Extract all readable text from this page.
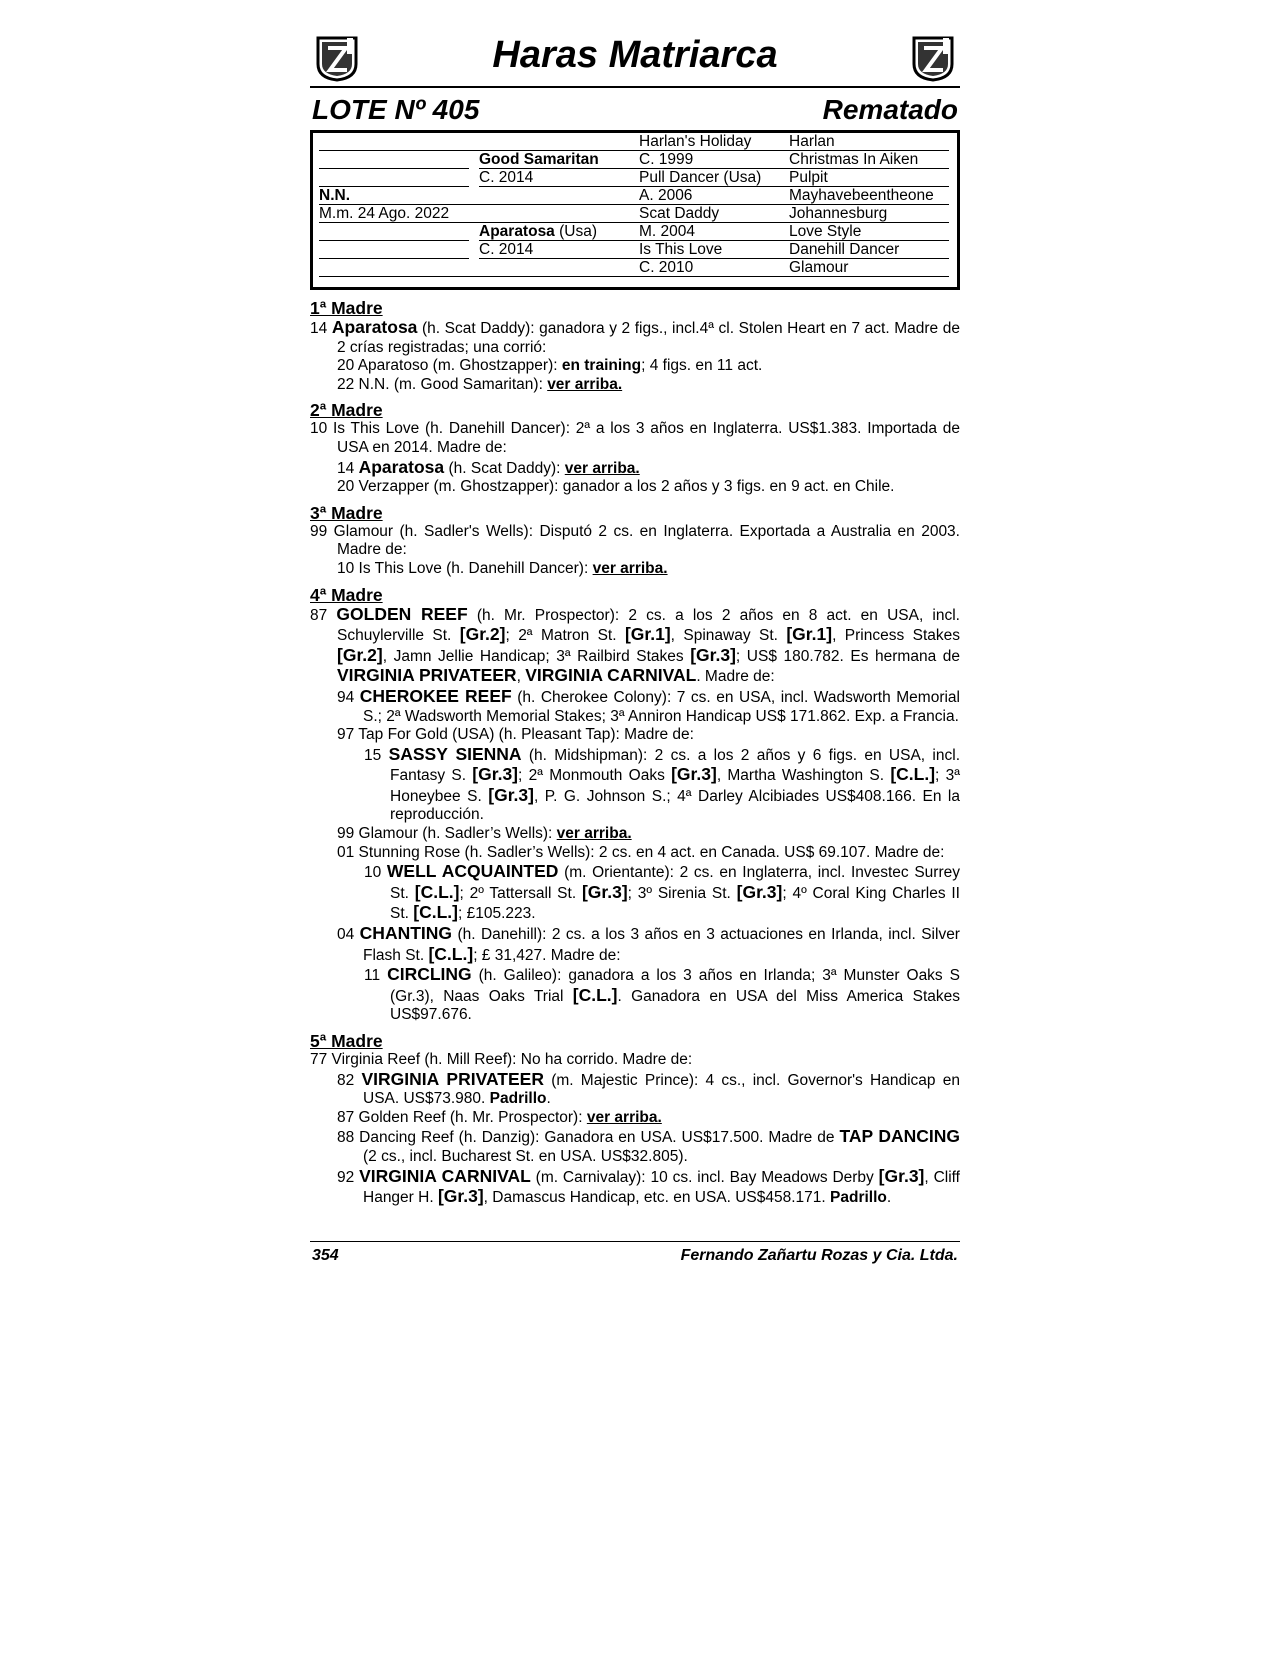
Haras Matriarca
LOTE Nº 405	Rematado
N.N.
M.m. 24 Ago. 2022
Good Samaritan
C. 2014
Aparatosa (Usa)
C. 2014
Harlan's Holiday
C. 1999
Pull Dancer (Usa)
A. 2006
Scat Daddy
M. 2004
Is This Love
C. 2010
Harlan
Christmas In Aiken
Pulpit
Mayhavebeentheone
Johannesburg
Love Style
Danehill Dancer
Glamour
1ª Madre
14 Aparatosa (h. Scat Daddy): ganadora y 2 figs., incl.4ª cl. Stolen Heart en 7 act. Madre de 2 crías registradas; una corrió:
20 Aparatoso (m. Ghostzapper): en training; 4 figs. en 11 act.
22 N.N. (m. Good Samaritan): ver arriba.
2ª Madre
10 Is This Love (h. Danehill Dancer): 2ª a los 3 años en Inglaterra. US$1.383. Importada de USA en 2014. Madre de:
14 Aparatosa (h. Scat Daddy): ver arriba.
20 Verzapper (m. Ghostzapper): ganador a los 2 años y 3 figs. en 9 act. en Chile.
3ª Madre
99 Glamour (h. Sadler's Wells): Disputó 2 cs. en Inglaterra. Exportada a Australia en 2003. Madre de:
10 Is This Love (h. Danehill Dancer): ver arriba.
4ª Madre
87 GOLDEN REEF (h. Mr. Prospector): 2 cs. a los 2 años en 8 act. en USA, incl. Schuylerville St. [Gr.2]; 2ª Matron St. [Gr.1], Spinaway St. [Gr.1], Princess Stakes [Gr.2], Jamn Jellie Handicap; 3ª Railbird Stakes [Gr.3]; US$ 180.782. Es hermana de VIRGINIA PRIVATEER, VIRGINIA CARNIVAL. Madre de:
94 CHEROKEE REEF (h. Cherokee Colony): 7 cs. en USA, incl. Wadsworth Memorial S.; 2ª Wadsworth Memorial Stakes; 3ª Anniron Handicap US$ 171.862. Exp. a Francia.
97 Tap For Gold (USA) (h. Pleasant Tap): Madre de:
15 SASSY SIENNA (h. Midshipman): 2 cs. a los 2 años y 6 figs. en USA, incl. Fantasy S. [Gr.3]; 2ª Monmouth Oaks [Gr.3], Martha Washington S. [C.L.]; 3ª Honeybee S. [Gr.3], P. G. Johnson S.; 4ª Darley Alcibiades US$408.166. En la reproducción.
99 Glamour (h. Sadler’s Wells): ver arriba.
01 Stunning Rose (h. Sadler’s Wells): 2 cs. en 4 act. en Canada. US$ 69.107. Madre de:
10 WELL ACQUAINTED (m. Orientante): 2 cs. en Inglaterra, incl. Investec Surrey St. [C.L.]; 2º Tattersall St. [Gr.3]; 3º Sirenia St. [Gr.3]; 4º Coral King Charles II St. [C.L.]; £105.223.
04 CHANTING (h. Danehill): 2 cs. a los 3 años en 3 actuaciones en Irlanda, incl. Silver Flash St. [C.L.]; £ 31,427. Madre de:
11 CIRCLING (h. Galileo): ganadora a los 3 años en Irlanda; 3ª Munster Oaks S (Gr.3), Naas Oaks Trial [C.L.]. Ganadora en USA del Miss America Stakes US$97.676.
5ª Madre
77 Virginia Reef (h. Mill Reef): No ha corrido. Madre de:
82 VIRGINIA PRIVATEER (m. Majestic Prince): 4 cs., incl. Governor's Handicap en USA. US$73.980. Padrillo.
87 Golden Reef (h. Mr. Prospector): ver arriba.
88 Dancing Reef (h. Danzig): Ganadora en USA. US$17.500. Madre de TAP DANCING (2 cs., incl. Bucharest St. en USA. US$32.805).
92 VIRGINIA CARNIVAL (m. Carnivalay): 10 cs. incl. Bay Meadows Derby [Gr.3], Cliff Hanger H. [Gr.3], Damascus Handicap, etc. en USA. US$458.171. Padrillo.
354	Fernando Zañartu Rozas y Cia. Ltda.
